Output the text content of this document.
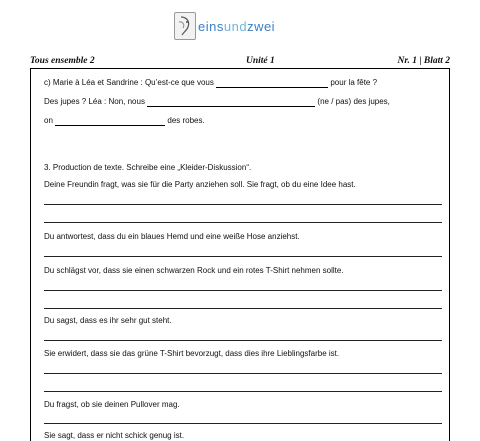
einsundzwei
Tous ensemble 2	Unité 1	Nr. 1 | Blatt 2
c) Marie à Léa et Sandrine : Qu’est-ce que vous	pour la fête ?
Des jupes ? Léa : Non, nous	(ne / pas) des jupes,
on	des robes.
3. Production de texte. Schreibe eine „Kleider-Diskussion“.
Deine Freundin fragt, was sie für die Party anziehen soll. Sie fragt, ob du eine Idee hast.
Du antwortest, dass du ein blaues Hemd und eine weiße Hose anziehst.
Du schlägst vor, dass sie einen schwarzen Rock und ein rotes T-Shirt nehmen sollte.
Du sagst, dass es ihr sehr gut steht.
Sie erwidert, dass sie das grüne T-Shirt bevorzugt, dass dies ihre Lieblingsfarbe ist.
Du fragst, ob sie deinen Pullover mag.
Sie sagt, dass er nicht schick genug ist.
